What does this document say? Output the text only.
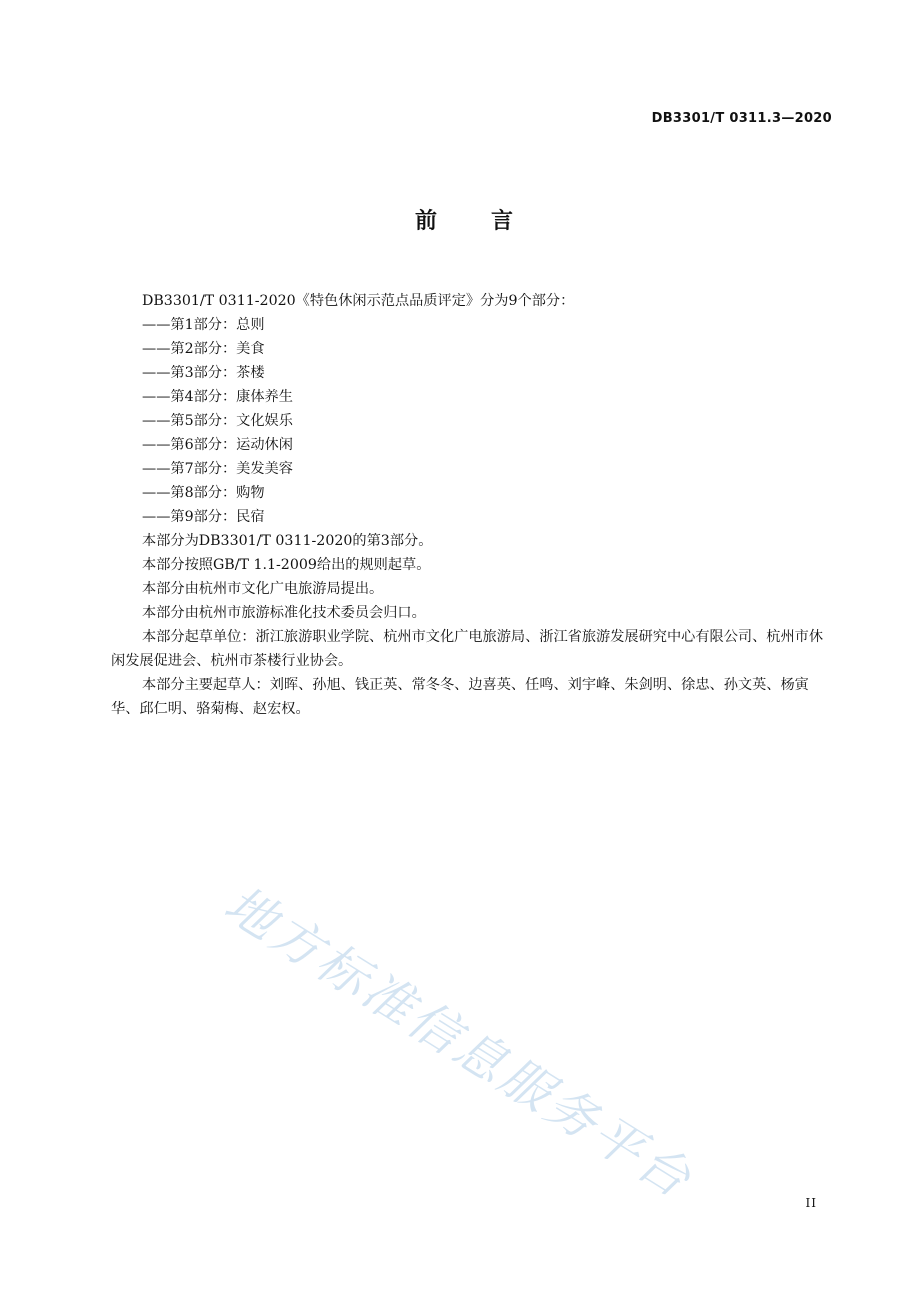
DB3301/T 0311.3—2020
前 言

DB3301/T 0311-2020《特色休闲示范点品质评定》分为9个部分：

——第1部分：总则

——第2部分：美食

——第3部分：茶楼

——第4部分：康体养生

——第5部分：文化娱乐

——第6部分：运动休闲

——第7部分：美发美容

——第8部分：购物

——第9部分：民宿

本部分为DB3301/T 0311-2020的第3部分。

本部分按照GB/T 1.1-2009给出的规则起草。

本部分由杭州市文化广电旅游局提出。

本部分由杭州市旅游标准化技术委员会归口。

本部分起草单位：浙江旅游职业学院、杭州市文化广电旅游局、浙江省旅游发展研究中心有限公司、杭州市休闲发展促进会、杭州市茶楼行业协会。

本部分主要起草人：刘晖、孙旭、钱正英、常冬冬、边喜英、任鸣、刘宇峰、朱剑明、徐忠、孙文英、杨寅华、邱仁明、骆菊梅、赵宏权。

地方标准信息服务平台	II
